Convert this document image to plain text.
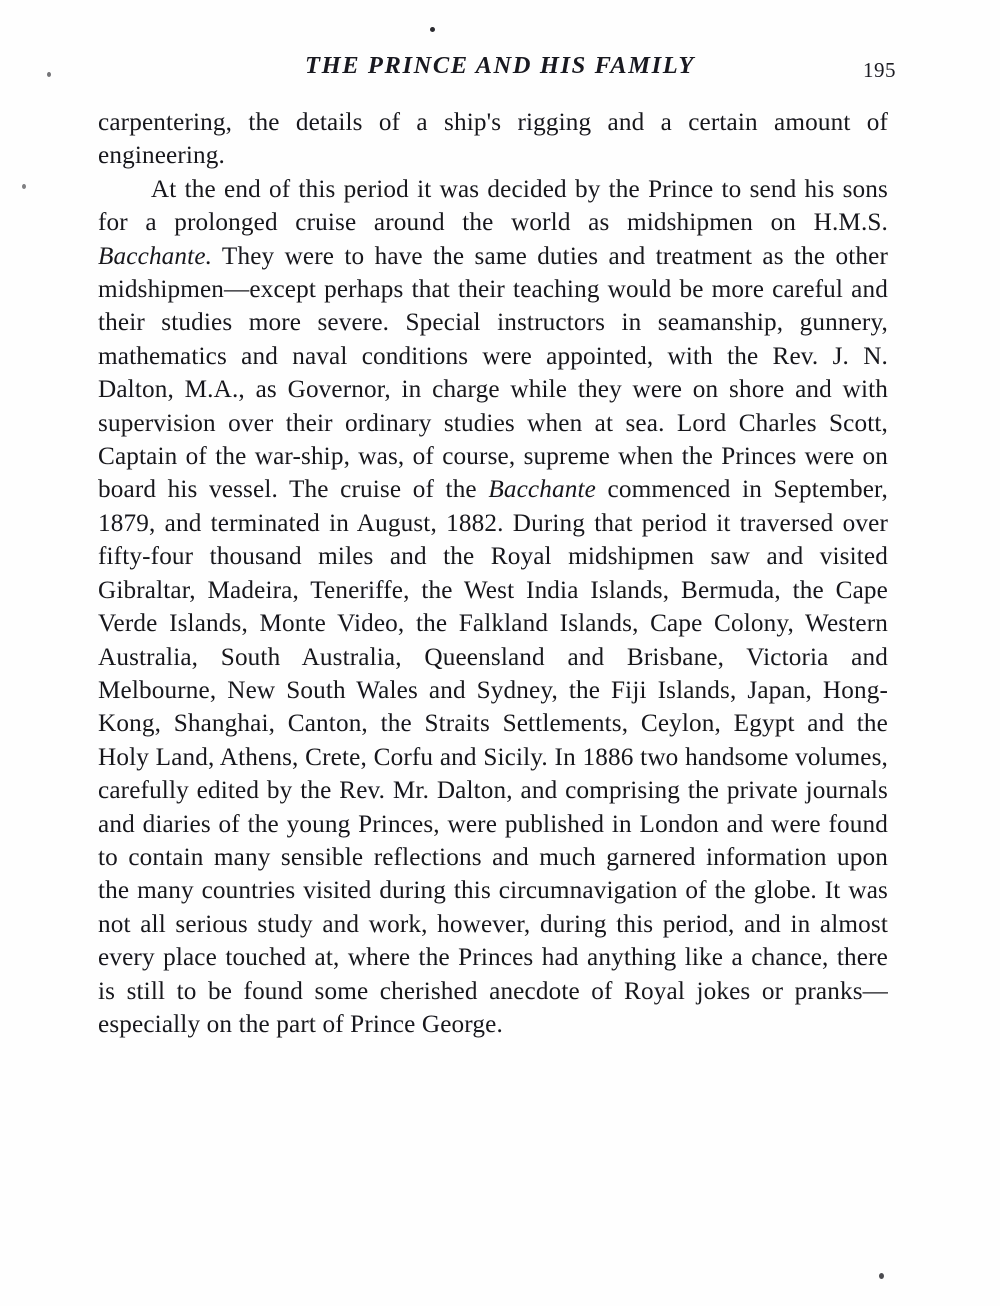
THE PRINCE AND HIS FAMILY	195

carpentering, the details of a ship's rigging and a certain amount of engineering.

At the end of this period it was decided by the Prince to send his sons for a prolonged cruise around the world as midshipmen on H.M.S. Bacchante. They were to have the same duties and treatment as the other midshipmen—except perhaps that their teaching would be more careful and their studies more severe. Special instructors in seamanship, gunnery, mathematics and naval conditions were appointed, with the Rev. J. N. Dalton, M.A., as Governor, in charge while they were on shore and with supervision over their ordinary studies when at sea. Lord Charles Scott, Captain of the war-ship, was, of course, supreme when the Princes were on board his vessel. The cruise of the Bacchante commenced in September, 1879, and terminated in August, 1882. During that period it traversed over fifty-four thousand miles and the Royal midshipmen saw and visited Gibraltar, Madeira, Teneriffe, the West India Islands, Bermuda, the Cape Verde Islands, Monte Video, the Falkland Islands, Cape Colony, Western Australia, South Australia, Queensland and Brisbane, Victoria and Melbourne, New South Wales and Sydney, the Fiji Islands, Japan, Hong-Kong, Shanghai, Canton, the Straits Settlements, Ceylon, Egypt and the Holy Land, Athens, Crete, Corfu and Sicily. In 1886 two handsome volumes, carefully edited by the Rev. Mr. Dalton, and comprising the private journals and diaries of the young Princes, were published in London and were found to contain many sensible reflections and much garnered information upon the many countries visited during this circumnavigation of the globe. It was not all serious study and work, however, during this period, and in almost every place touched at, where the Princes had anything like a chance, there is still to be found some cherished anecdote of Royal jokes or pranks—especially on the part of Prince George.
